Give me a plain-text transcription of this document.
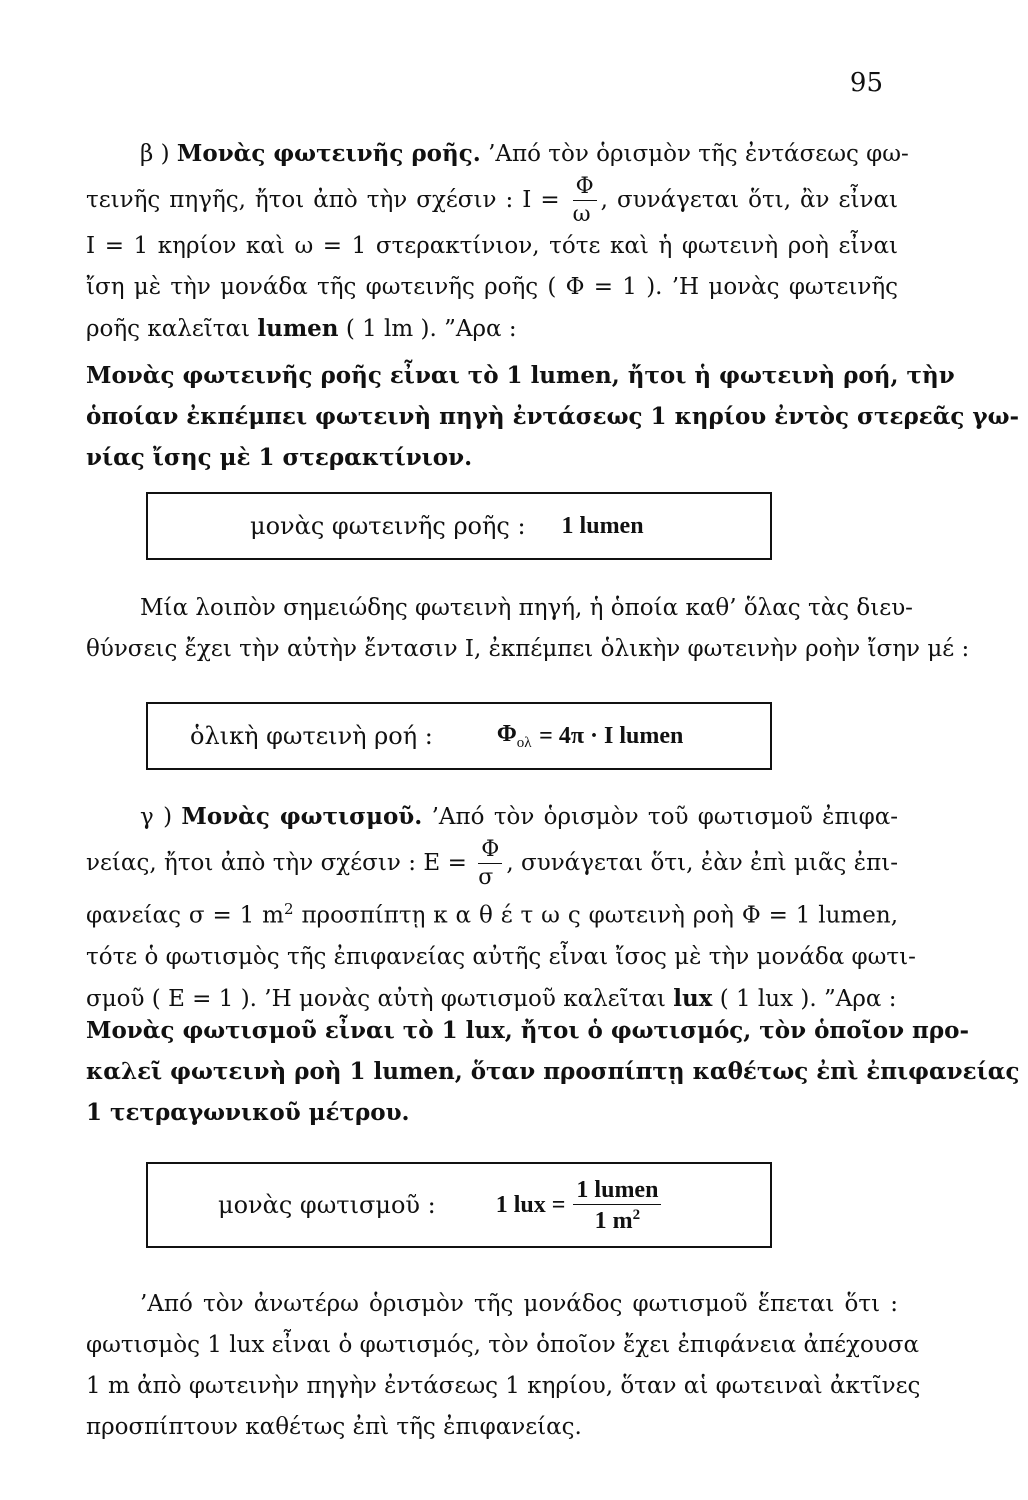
95
β ) Μονὰς φωτεινῆς ροῆς. ’Από τὸν ὁρισμὸν τῆς ἐντάσεως φω-
τεινῆς πηγῆς, ἤτοι ἀπὸ τὴν σχέσιν : $I = \frac{\Phi}{\omega}$ , συνάγεται ὅτι, ἂν εἶναι
I = 1 κηρίον καὶ ω = 1 στερακτίνιον, τότε καὶ ἡ φωτεινὴ ροὴ εἶναι
ἴση μὲ τὴν μονάδα τῆς φωτεινῆς ροῆς ( Φ = 1 ). ’Η μονὰς φωτεινῆς
ροῆς καλεῖται lumen ( 1 lm ). ”Αρα :
Μονὰς φωτεινῆς ροῆς εἶναι τὸ 1 lumen, ἤτοι ἡ φωτεινὴ ροή, τὴν
ὁποίαν ἐκπέμπει φωτεινὴ πηγὴ ἐντάσεως 1 κηρίου ἐντὸς στερεᾶς γω-
νίας ἴσης μὲ 1 στερακτίνιον.
μονὰς φωτεινῆς ροῆς : 1 lumen
Μία λοιπὸν σημειώδης φωτεινὴ πηγή, ἡ ὁποία καθ’ ὅλας τὰς διευ-
θύνσεις ἔχει τὴν αὐτὴν ἔντασιν I, ἐκπέμπει ὁλικὴν φωτεινὴν ροὴν ἴσην μέ :
ὁλικὴ φωτεινὴ ροή :	$\Phi_{o\lambda}$
= 4π · I lumen
γ ) Μονὰς φωτισμοῦ. ’Από τὸν ὁρισμὸν τοῦ φωτισμοῦ ἐπιφα-
νείας, ἤτοι ἀπὸ τὴν σχέσιν : $E = \frac{\Phi}{\sigma}$ , συνάγεται ὅτι, ἐὰν ἐπὶ μιᾶς ἐπι-
φανείας σ = 1 $m^2$ προσπίπτῃ κ α θ έ τ ω ς φωτεινὴ ροὴ Φ = 1 lumen,
τότε ὁ φωτισμὸς τῆς ἐπιφανείας αὐτῆς εἶναι ἴσος μὲ τὴν μονάδα φωτι-
σμοῦ ( E = 1 ). ’Η μονὰς αὐτὴ φωτισμοῦ καλεῖται lux ( 1 lux ). ”Αρα :
Μονὰς φωτισμοῦ εἶναι τὸ 1 lux, ἤτοι ὁ φωτισμός, τὸν ὁποῖον προ-
καλεῖ φωτεινὴ ροὴ 1 lumen, ὅταν προσπίπτῃ καθέτως ἐπὶ ἐπιφανείας
1 τετραγωνικοῦ μέτρου.
μονὰς φωτισμοῦ :	1 lux = $\frac{\text{1 lumen}}{1 m^2}$
’Από τὸν ἀνωτέρω ὁρισμὸν τῆς μονάδος φωτισμοῦ ἕπεται ὅτι :
φωτισμὸς 1 lux εἶναι ὁ φωτισμός, τὸν ὁποῖον ἔχει ἐπιφάνεια ἀπέχουσα
1 m ἀπὸ φωτεινὴν πηγὴν ἐντάσεως 1 κηρίου, ὅταν αἱ φωτειναὶ ἀκτῖνες
προσπίπτουν καθέτως ἐπὶ τῆς ἐπιφανείας.
